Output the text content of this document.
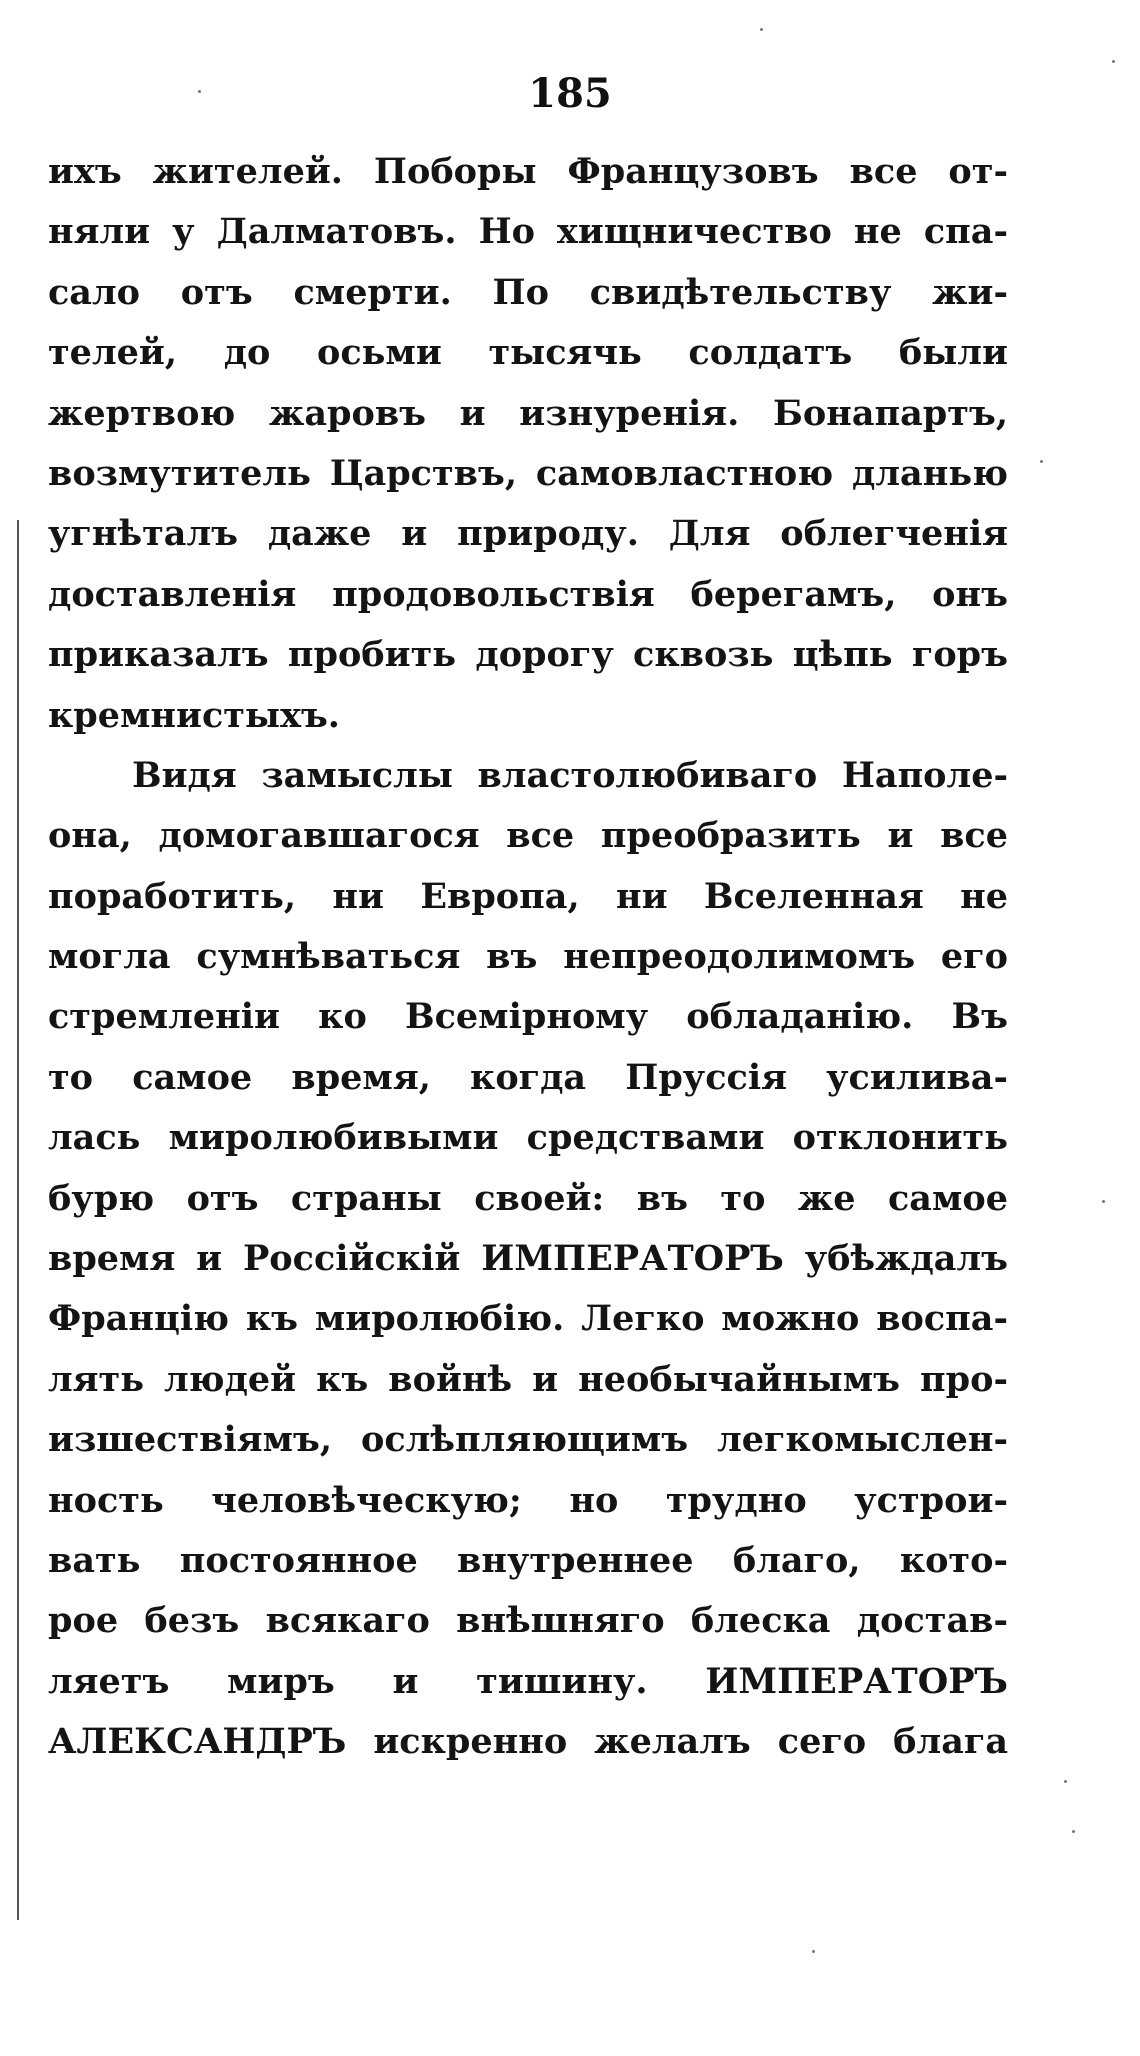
185
ихъ жителей. Поборы Французовъ все от-
няли у Далматовъ. Но хищничество не спа-
сало отъ смерти. По свидѣтельству жи-
телей, до осьми тысячь солдатъ были
жертвою жаровъ и изнуренія. Бонапартъ,
возмутитель Царствъ, самовластною дланью
угнѣталъ даже и природу. Для облегченія
доставленія продовольствія берегамъ, онъ
приказалъ пробить дорогу сквозь цѣпь горъ
кремнистыхъ.
Видя замыслы властолюбиваго Наполе-
она, домогавшагося все преобразить и все
поработить, ни Европа, ни Вселенная не
могла сумнѣваться въ непреодолимомъ его
стремленіи ко Всемірному обладанію. Въ
то самое время, когда Пруссія усилива-
лась миролюбивыми средствами отклонить
бурю отъ страны своей: въ то же самое
время и Россійскій ИМПЕРАТОРЪ убѣждалъ
Францію къ миролюбію. Легко можно воспа-
лять людей къ войнѣ и необычайнымъ про-
изшествіямъ, ослѣпляющимъ легкомыслен-
ность человѣческую; но трудно устрои-
вать постоянное внутреннее благо, кото-
рое безъ всякаго внѣшняго блеска достав-
ляетъ миръ и тишину. ИМПЕРАТОРЪ
АЛЕКСАНДРЪ искренно желалъ сего блага
